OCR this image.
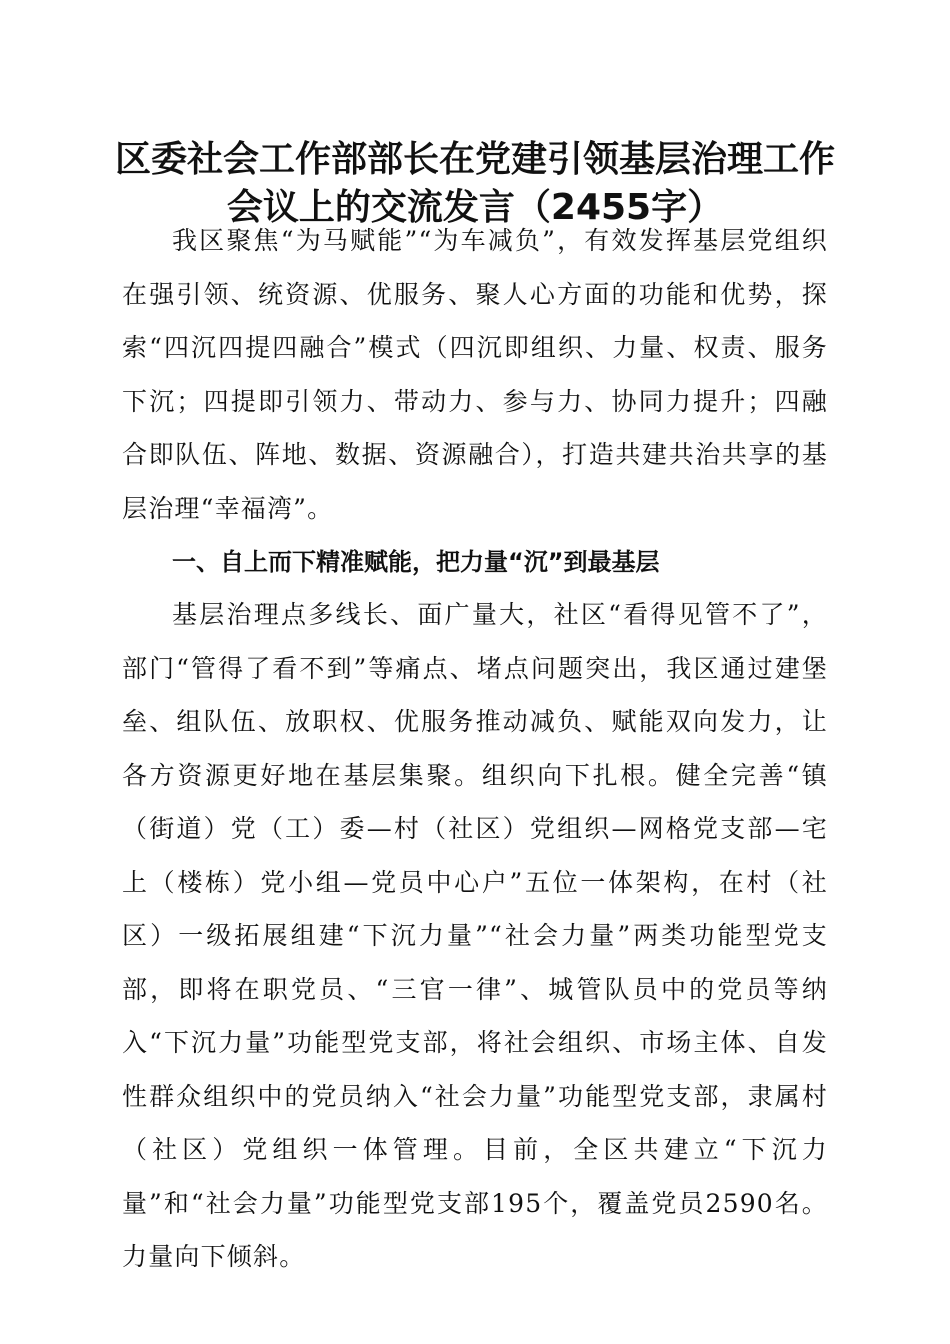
区委社会工作部部长在党建引领基层治理工作
会议上的交流发言（2455字）
我区聚焦“为马赋能”“为车减负”，有效发挥基层党组织在强引领、统资源、优服务、聚人心方面的功能和优势，探索“四沉四提四融合”模式（四沉即组织、力量、权责、服务下沉；四提即引领力、带动力、参与力、协同力提升；四融合即队伍、阵地、数据、资源融合），打造共建共治共享的基层治理“幸福湾”。
一、自上而下精准赋能，把力量“沉”到最基层
基层治理点多线长、面广量大，社区“看得见管不了”，部门“管得了看不到”等痛点、堵点问题突出，我区通过建堡垒、组队伍、放职权、优服务推动减负、赋能双向发力，让各方资源更好地在基层集聚。组织向下扎根。健全完善“镇（街道）党（工）委—村（社区）党组织—网格党支部—宅上（楼栋）党小组—党员中心户”五位一体架构，在村（社区）一级拓展组建“下沉力量”“社会力量”两类功能型党支部，即将在职党员、“三官一律”、城管队员中的党员等纳入“下沉力量”功能型党支部，将社会组织、市场主体、自发性群众组织中的党员纳入“社会力量”功能型党支部，隶属村（社区）党组织一体管理。目前，全区共建立“下沉力量”和“社会力量”功能型党支部195个，覆盖党员2590名。力量向下倾斜。
